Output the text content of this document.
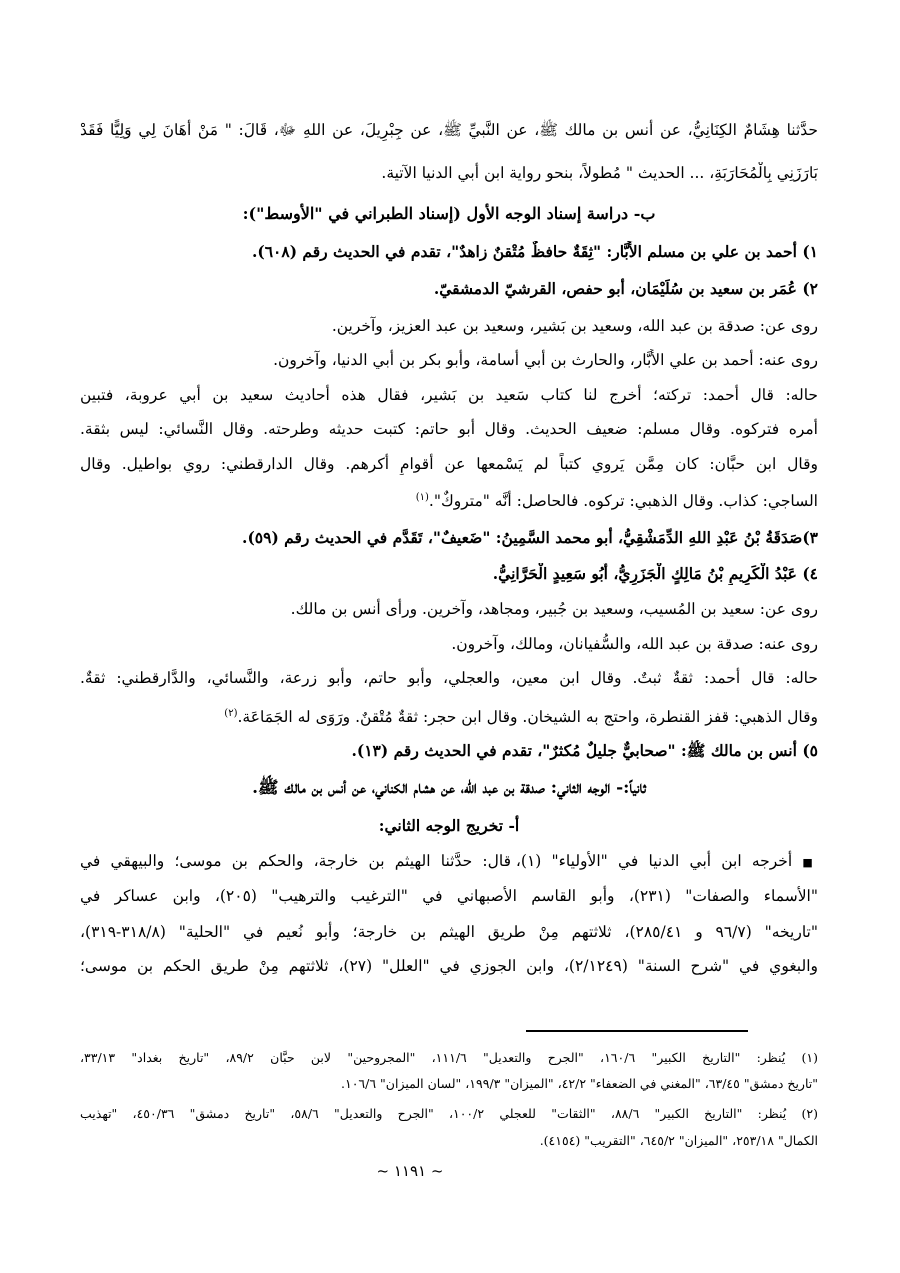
حدَّثنا هِشَامٌ الكِنَانِيُّ، عن أنس بن مالك ﷺ، عن النَّبيِّ ﷺ، عن جِبْرِيلَ، عن اللهِ ﷻ، قَالَ: " مَنْ أَهَانَ لِي وَلِيًّا فَقَدْ
بَارَزَنِي بِالْمُحَارَبَةِ، ... الحديث " مُطولاً، بنحو رواية ابن أبي الدنيا الآتية.
ب- دراسة إسناد الوجه الأول (إسناد الطبراني في "الأوسط"):
١) أحمد بن علي بن مسلم الأَبَّار: "ثِقَةٌ حافظٌ مُتْقنٌ زاهدٌ"، تقدم في الحديث رقم (٦٠٨).
٢) عُمَر بن سعيد بن سُلَيْمَان، أبو حفص، القرشيّ الدمشقيّ.
روى عن: صدقة بن عبد الله، وسعيد بن بَشير، وسعيد بن عبد العزيز، وآخرين.
روى عنه: أحمد بن علي الأَبَّار، والحارث بن أبي أسامة، وأبو بكر بن أبي الدنيا، وآخرون.
حاله: قال أحمد: تركته؛ أخرج لنا كتاب سَعيد بن بَشير، فقال هذه أحاديث سعيد بن أبي عروبة، فتبين
أمره فتركوه. وقال مسلم: ضعيف الحديث. وقال أبو حاتم: كتبت حديثه وطرحته. وقال النَّسائي: ليس بثقة.
وقال ابن حبَّان: كان مِمَّن يَروي كتباً لم يَسْمعها عن أقوامٍ أكرهم. وقال الدارقطني: روي بواطيل. وقال
الساجي: كذاب. وقال الذهبي: تركوه. فالحاصل: أنَّه "متروكٌ".$^{(١)}$
٣)صَدَقَةُ بْنُ عَبْدِ اللهِ الدِّمَشْقِيُّ، أبو محمد السَّمِينُ: "ضَعيفٌ"، تَقَدَّم في الحديث رقم (٥٩).
٤) عَبْدُ الْكَرِيمِ بْنُ مَالِكٍ الْجَزَرِيُّ، أَبُو سَعِيدٍ الْحَرَّانِيُّ.
روى عن: سعيد بن المُسيب، وسعيد بن جُبير، ومجاهد، وآخرين. ورأى أنس بن مالك.
روى عنه: صدقة بن عبد الله، والسُّفيانان، ومالك، وآخرون.
حاله: قال أحمد: ثقةٌ ثبتٌ. وقال ابن معين، والعجلي، وأبو حاتم، وأبو زرعة، والنَّسائي، والدَّارقطني: ثقةٌ.
وقال الذهبي: قفز القنطرة، واحتج به الشيخان. وقال ابن حجر: ثقةٌ مُتْقنٌ. ورَوَى له الجَمَاعَة.$^{(٢)}$
٥) أنس بن مالك ﷺ: "صحابيٌّ جليلٌ مُكثرٌ"، تقدم في الحديث رقم (١٣).
ثانياً:- الوجه الثاني: صدقة بن عبد الله، عن هشام الكناني، عن أنس بن مالك ﷺ.
أ- تخريج الوجه الثاني:
■ أخرجه ابن أبي الدنيا في "الأولياء" (١)، قال: حدَّثنا الهيثم بن خارجة، والحكم بن موسى؛ والبيهقي في
"الأسماء والصفات" (٢٣١)، وأبو القاسم الأصبهاني في "الترغيب والترهيب" (٢٠٥)، وابن عساكر في
"تاريخه" (٩٦/٧ و ٢٨٥/٤١)، ثلاثتهم مِنْ طريق الهيثم بن خارجة؛ وأبو نُعيم في "الحلية" (٣١٨/٨-٣١٩)،
والبغوي في "شرح السنة" (٢/١٢٤٩)، وابن الجوزي في "العلل" (٢٧)، ثلاثتهم مِنْ طريق الحكم بن موسى؛
(١) يُنظر: "التاريخ الكبير" ١٦٠/٦، "الجرح والتعديل" ١١١/٦، "المجروحين" لابن حبَّان ٨٩/٢، "تاريخ بغداد" ٣٣/١٣،
"تاريخ دمشق" ٦٣/٤٥، "المغني في الضعفاء" ٤٢/٢، "الميزان" ١٩٩/٣، "لسان الميزان" ١٠٦/٦.
(٢) يُنظر: "التاريخ الكبير" ٨٨/٦، "الثقات" للعجلي ١٠٠/٢، "الجرح والتعديل" ٥٨/٦، "تاريخ دمشق" ٤٥٠/٣٦، "تهذيب
الكمال" ٢٥٣/١٨، "الميزان" ٦٤٥/٢، "التقريب" (٤١٥٤).
~ ١١٩١ ~
